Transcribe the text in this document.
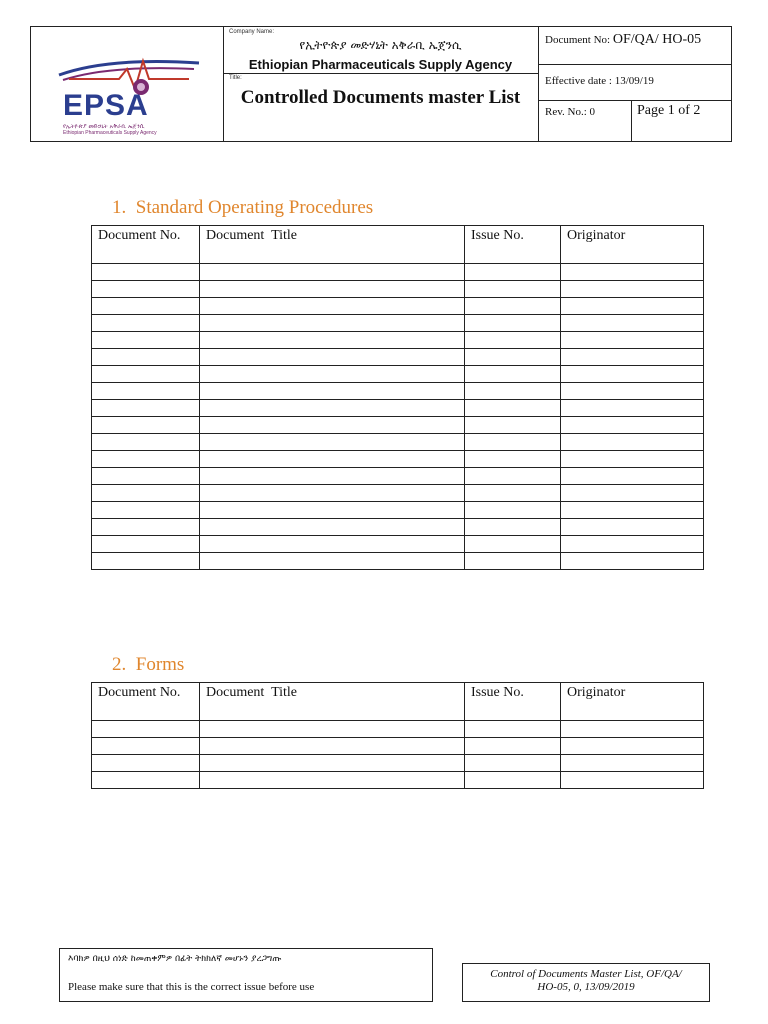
EPSA
የኢትዮጵያ መድኃኒት አቅራቢ ኤጀንሲ
Ethiopian Pharmaceuticals Supply Agency
Company Name:
የኢትዮጵያ መድሃኒት አቅራቢ ኤጀንሲ
Ethiopian Pharmaceuticals Supply Agency
Title:
Controlled Documents master List
Document No: OF/QA/ HO-05
Effective date : 13/09/19
Rev. No.: 0	Page 1 of 2
1.  Standard Operating Procedures
Document No.	Document  Title	Issue No.	Originator

2.  Forms
Document No.	Document  Title	Issue No.	Originator

እባክዎ በዚህ ሰነድ ከመጠቀምዎ በፊት ትክክለኛ መሆኑን ያረጋግጡ
Please make sure that this is the correct issue before use
Control of Documents Master List, OF/QA/
HO-05, 0, 13/09/2019
